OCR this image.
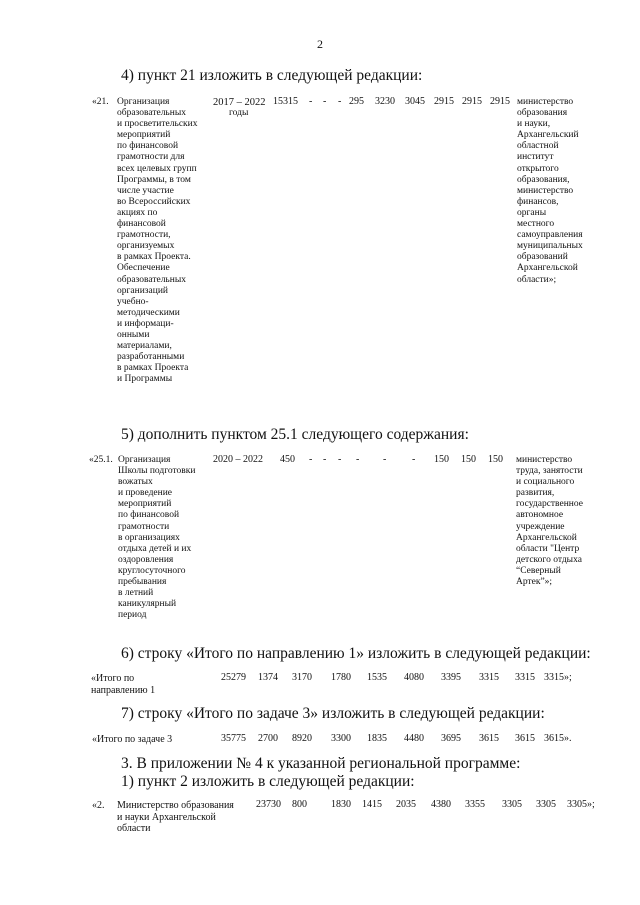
2
4) пункт 21 изложить в следующей редакции:
«21. Организация
образовательных
и просветительских
мероприятий
по финансовой
грамотности для
всех целевых групп
Программы, в том
числе участие
во Всероссийских
акциях по
финансовой
грамотности,
организуемых
в рамках Проекта.
Обеспечение
образовательных
организаций
учебно-
методическими
и информаци-
онными
материалами,
разработанными
в рамках Проекта
и Программы
2017 – 2022
годы
15315 - - - 295 3230 3045 2915 2915 2915 министерство
образования
и науки,
Архангельский
областной
институт
открытого
образования,
министерство
финансов,
органы
местного
самоуправления
муниципальных
образований
Архангельской
области»;
5) дополнить пунктом 25.1 следующего содержания:
«25.1. Организация
Школы подготовки
вожатых
и проведение
мероприятий
по финансовой
грамотности
в организациях
отдыха детей и их
оздоровления
круглосуточного
пребывания
в летний
каникулярный
период
2020 – 2022 450 - - - - -	- 150 150 150 министерство
труда, занятости
и социального
развития,
государственное
автономное
учреждение
Архангельской
области "Центр
детского отдыха
“Северный
Артек”»;
6) строку «Итого по направлению 1» изложить в следующей редакции:
«Итого по
направлению 1
25279 1374 3170 1780 1535 4080 3395 3315 3315 3315»;
7) строку «Итого по задаче 3» изложить в следующей редакции:
«Итого по задаче 3	35775 2700 8920 3300 1835 4480 3695 3615 3615 3615».
3. В приложении № 4 к указанной региональной программе:
1) пункт 2 изложить в следующей редакции:
«2. Министерство образования
и науки Архангельской
области
23730 800 1830 1415 2035 4380 3355 3305 3305 3305»;
